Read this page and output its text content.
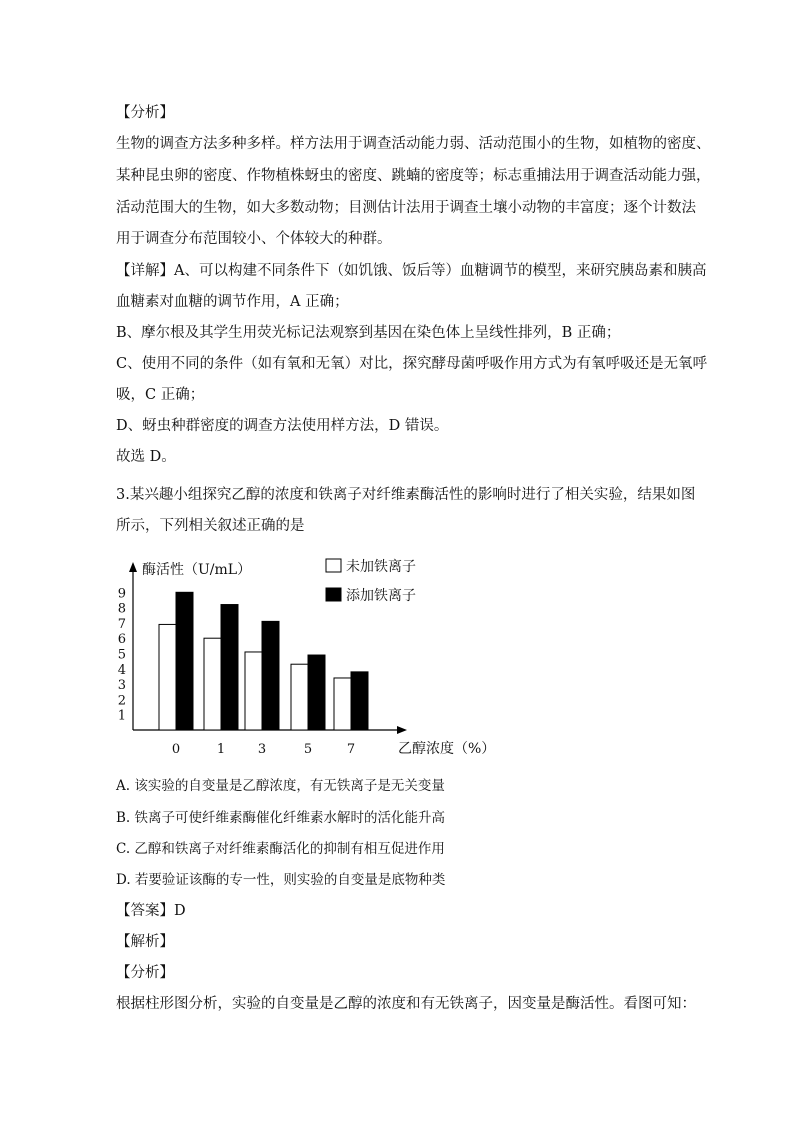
【分析】
生物的调查方法多种多样。样方法用于调查活动能力弱、活动范围小的生物，如植物的密度、
某种昆虫卵的密度、作物植株蚜虫的密度、跳蝻的密度等；标志重捕法用于调查活动能力强，
活动范围大的生物，如大多数动物；目测估计法用于调查土壤小动物的丰富度；逐个计数法
用于调查分布范围较小、个体较大的种群。
【详解】A、可以构建不同条件下（如饥饿、饭后等）血糖调节的模型，来研究胰岛素和胰高
血糖素对血糖的调节作用，A 正确；
B、摩尔根及其学生用荧光标记法观察到基因在染色体上呈线性排列，B 正确；
C、使用不同的条件（如有氧和无氧）对比，探究酵母菌呼吸作用方式为有氧呼吸还是无氧呼
吸，C 正确；
D、蚜虫种群密度的调查方法使用样方法，D 错误。
故选 D。
3.某兴趣小组探究乙醇的浓度和铁离子对纤维素酶活性的影响时进行了相关实验，结果如图
所示，下列相关叙述正确的是
酶活性（U/mL）
乙醇浓度（%）
未加铁离子
添加铁离子
1
2
3
4
5
6
7
8
9
0	1	3	5	7
A. 该实验的自变量是乙醇浓度，有无铁离子是无关变量
B. 铁离子可使纤维素酶催化纤维素水解时的活化能升高
C. 乙醇和铁离子对纤维素酶活化的抑制有相互促进作用
D. 若要验证该酶的专一性，则实验的自变量是底物种类
【答案】D
【解析】
【分析】
根据柱形图分析，实验的自变量是乙醇的浓度和有无铁离子，因变量是酶活性。看图可知：
